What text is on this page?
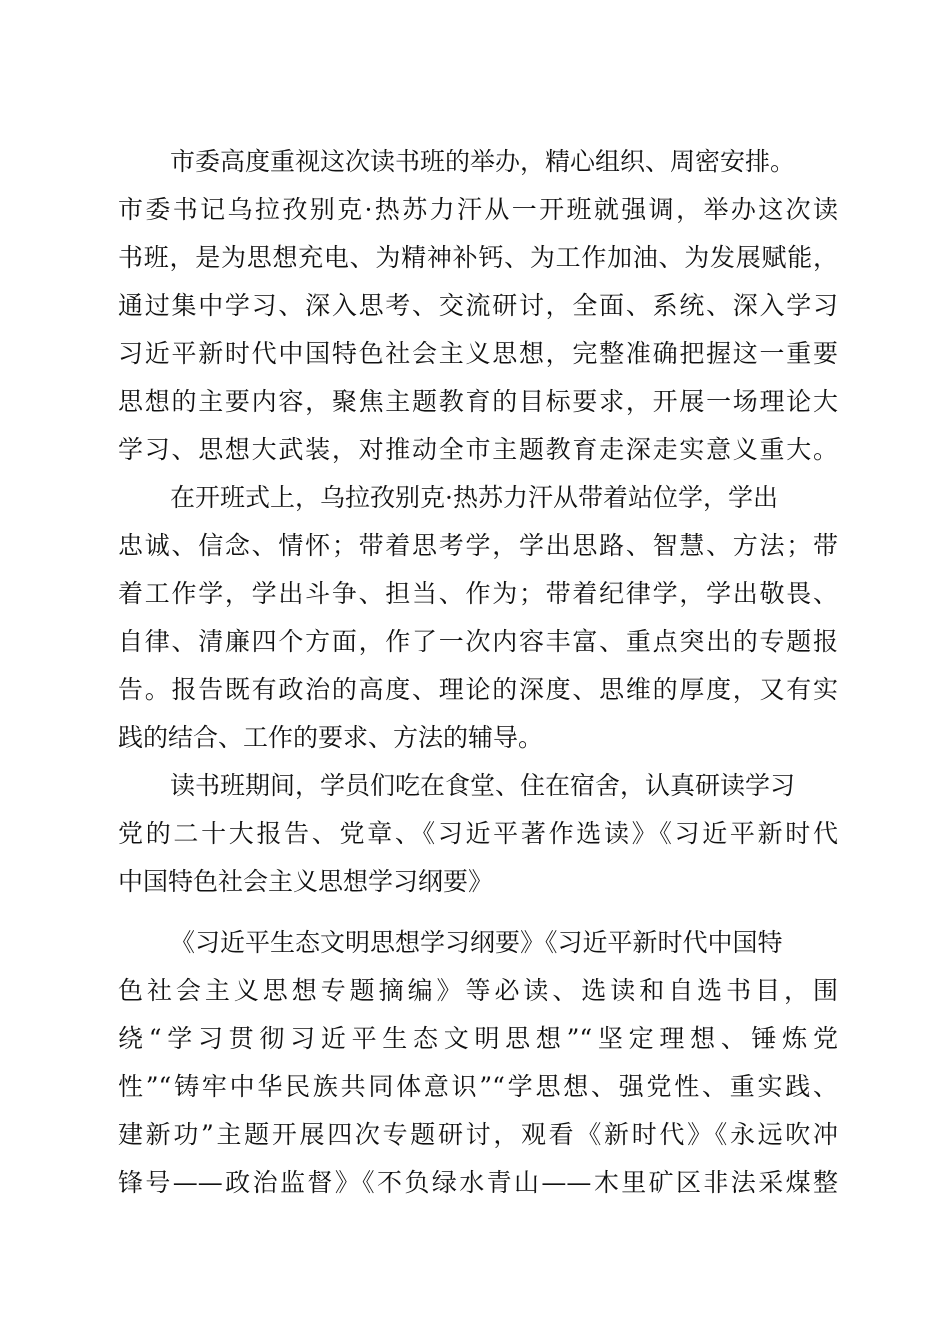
市委高度重视这次读书班的举办，精心组织、周密安排。
市委书记乌拉孜别克·热苏力汗从一开班就强调，举办这次读
书班，是为思想充电、为精神补钙、为工作加油、为发展赋能，
通过集中学习、深入思考、交流研讨，全面、系统、深入学习
习近平新时代中国特色社会主义思想，完整准确把握这一重要
思想的主要内容，聚焦主题教育的目标要求，开展一场理论大
学习、思想大武装，对推动全市主题教育走深走实意义重大。
在开班式上，乌拉孜别克·热苏力汗从带着站位学，学出
忠诚、信念、情怀；带着思考学，学出思路、智慧、方法；带
着工作学，学出斗争、担当、作为；带着纪律学，学出敬畏、
自律、清廉四个方面，作了一次内容丰富、重点突出的专题报
告。报告既有政治的高度、理论的深度、思维的厚度，又有实
践的结合、工作的要求、方法的辅导。
读书班期间，学员们吃在食堂、住在宿舍，认真研读学习
党的二十大报告、党章、《习近平著作选读》《习近平新时代
中国特色社会主义思想学习纲要》
《习近平生态文明思想学习纲要》《习近平新时代中国特
色社会主义思想专题摘编》等必读、选读和自选书目，围
绕“学习贯彻习近平生态文明思想”“坚定理想、锤炼党
性”“铸牢中华民族共同体意识”“学思想、强党性、重实践、
建新功”主题开展四次专题研讨，观看《新时代》《永远吹冲
锋号——政治监督》《不负绿水青山——木里矿区非法采煤整
